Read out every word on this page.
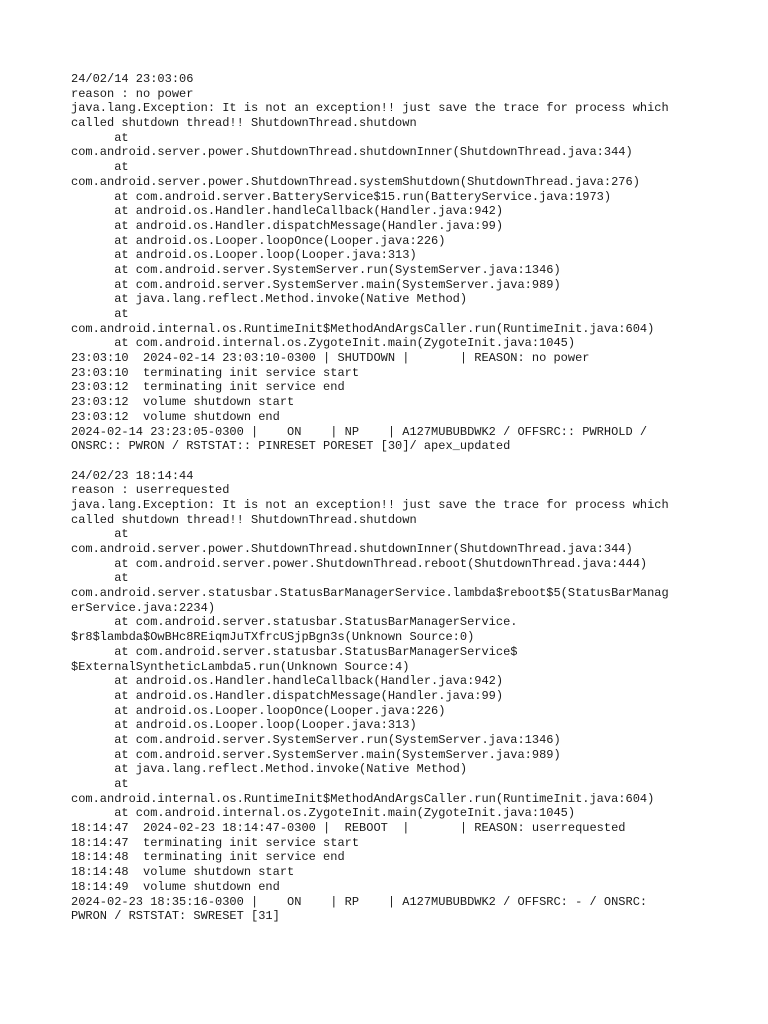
24/02/14 23:03:06
reason : no power
java.lang.Exception: It is not an exception!! just save the trace for process which
called shutdown thread!! ShutdownThread.shutdown
at
com.android.server.power.ShutdownThread.shutdownInner(ShutdownThread.java:344)
at
com.android.server.power.ShutdownThread.systemShutdown(ShutdownThread.java:276)
at com.android.server.BatteryService$15.run(BatteryService.java:1973)
at android.os.Handler.handleCallback(Handler.java:942)
at android.os.Handler.dispatchMessage(Handler.java:99)
at android.os.Looper.loopOnce(Looper.java:226)
at android.os.Looper.loop(Looper.java:313)
at com.android.server.SystemServer.run(SystemServer.java:1346)
at com.android.server.SystemServer.main(SystemServer.java:989)
at java.lang.reflect.Method.invoke(Native Method)
at
com.android.internal.os.RuntimeInit$MethodAndArgsCaller.run(RuntimeInit.java:604)
at com.android.internal.os.ZygoteInit.main(ZygoteInit.java:1045)
23:03:10  2024-02-14 23:03:10-0300 | SHUTDOWN |       | REASON: no power
23:03:10  terminating init service start
23:03:12  terminating init service end
23:03:12  volume shutdown start
23:03:12  volume shutdown end
2024-02-14 23:23:05-0300 |    ON    | NP    | A127MUBUBDWK2 / OFFSRC:: PWRHOLD /
ONSRC:: PWRON / RSTSTAT:: PINRESET PORESET [30]/ apex_updated
24/02/23 18:14:44
reason : userrequested
java.lang.Exception: It is not an exception!! just save the trace for process which
called shutdown thread!! ShutdownThread.shutdown
at
com.android.server.power.ShutdownThread.shutdownInner(ShutdownThread.java:344)
at com.android.server.power.ShutdownThread.reboot(ShutdownThread.java:444)
at
com.android.server.statusbar.StatusBarManagerService.lambda$reboot$5(StatusBarManag
erService.java:2234)
at com.android.server.statusbar.StatusBarManagerService.
$r8$lambda$OwBHc8REiqmJuTXfrcUSjpBgn3s(Unknown Source:0)
at com.android.server.statusbar.StatusBarManagerService$
$ExternalSyntheticLambda5.run(Unknown Source:4)
at android.os.Handler.handleCallback(Handler.java:942)
at android.os.Handler.dispatchMessage(Handler.java:99)
at android.os.Looper.loopOnce(Looper.java:226)
at android.os.Looper.loop(Looper.java:313)
at com.android.server.SystemServer.run(SystemServer.java:1346)
at com.android.server.SystemServer.main(SystemServer.java:989)
at java.lang.reflect.Method.invoke(Native Method)
at
com.android.internal.os.RuntimeInit$MethodAndArgsCaller.run(RuntimeInit.java:604)
at com.android.internal.os.ZygoteInit.main(ZygoteInit.java:1045)
18:14:47  2024-02-23 18:14:47-0300 |  REBOOT  |       | REASON: userrequested
18:14:47  terminating init service start
18:14:48  terminating init service end
18:14:48  volume shutdown start
18:14:49  volume shutdown end
2024-02-23 18:35:16-0300 |    ON    | RP    | A127MUBUBDWK2 / OFFSRC: - / ONSRC:
PWRON / RSTSTAT: SWRESET [31]
